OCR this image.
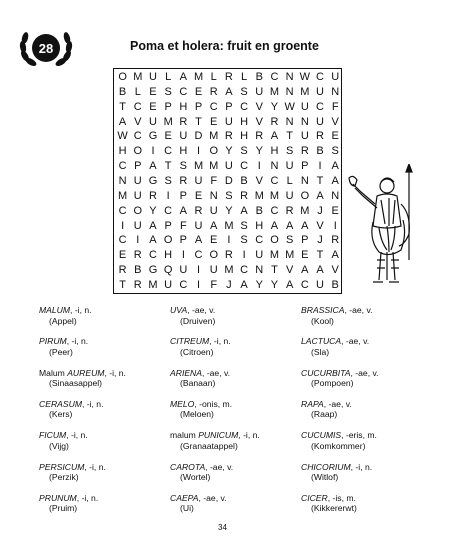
28	Poma et holera: fruit en groente
O M U L A M L R L B C N W C U
B L E S C E R A S U M N M U N
T C E P H P C P C V Y W U C F
A V U M R T E U H V R N N U V
W C G E U D M R H R A T U R E
H O I C H I O Y S Y H S R B S
C P A T S M M U C I N U P I A
N U G S R U F D B V C L N T A
M U R I P E N S R M M U O A N
C O Y C A R U Y A B C R M J E
I U A P F U A M S H A A A V I
C I A O P A E I S C O S P J R
E R C H I C O R I U M M E T A
R B G Q U I U M C N T V A A V
T R M U C I F J A Y Y A C U B
MALUM, -i, n.
(Appel)
PIRUM, -i, n.
(Peer)
Malum AUREUM, -i, n.
(Sinaasappel)
CERASUM, -i, n.
(Kers)
FICUM, -i, n.
(Vijg)
PERSICUM, -i, n.
(Perzik)
PRUNUM, -i, n.
(Pruim)
UVA, -ae, v.
(Druiven)
CITREUM, -i, n.
(Citroen)
ARIENA, -ae, v.
(Banaan)
MELO, -onis, m.
(Meloen)
malum PUNICUM, -i, n.
(Granaatappel)
CAROTA, -ae, v.
(Wortel)
CAEPA, -ae, v.
(Ui)
BRASSICA, -ae, v.
(Kool)
LACTUCA, -ae, v.
(Sla)
CUCURBITA, -ae, v.
(Pompoen)
RAPA, -ae, v.
(Raap)
CUCUMIS, -eris, m.
(Komkommer)
CHICORIUM, -i, n.
(Witlof)
CICER, -is, m.
(Kikkererwt)
34
